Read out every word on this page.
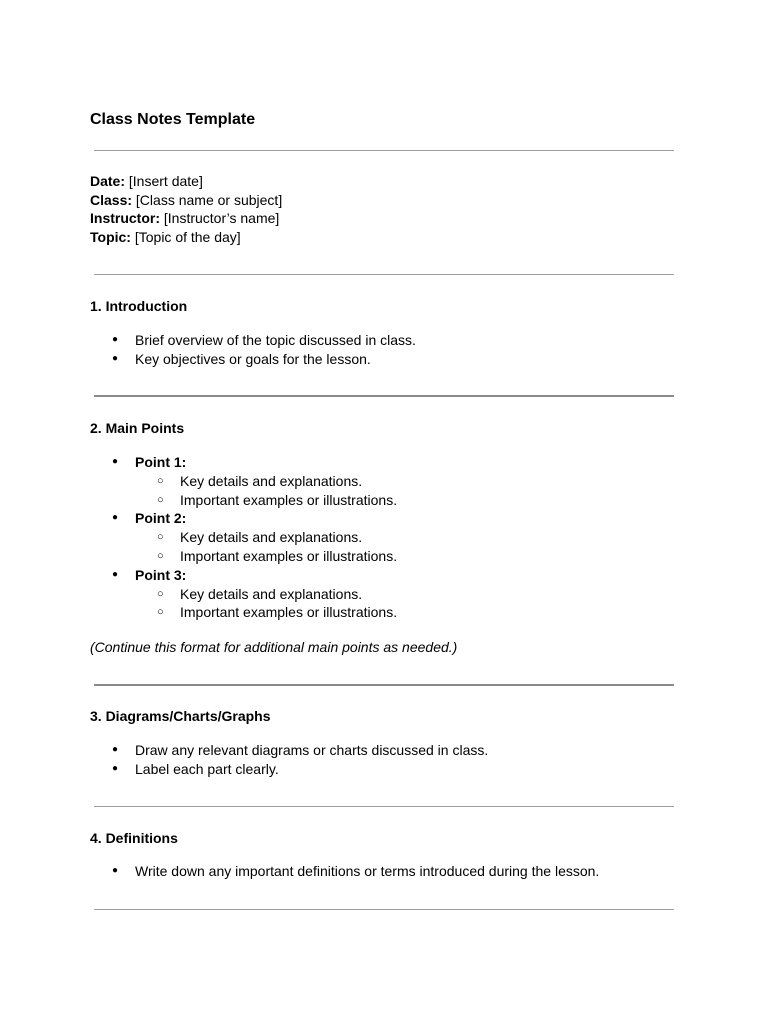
Class Notes Template
Date: [Insert date]
Class: [Class name or subject]
Instructor: [Instructor’s name]
Topic: [Topic of the day]
1. Introduction
● Brief overview of the topic discussed in class.
● Key objectives or goals for the lesson.
2. Main Points
● Point 1:
○ Key details and explanations.
○ Important examples or illustrations.
● Point 2:
○ Key details and explanations.
○ Important examples or illustrations.
● Point 3:
○ Key details and explanations.
○ Important examples or illustrations.

(Continue this format for additional main points as needed.)

3. Diagrams/Charts/Graphs
● Draw any relevant diagrams or charts discussed in class.
● Label each part clearly.
4. Definitions
● Write down any important definitions or terms introduced during the lesson.
